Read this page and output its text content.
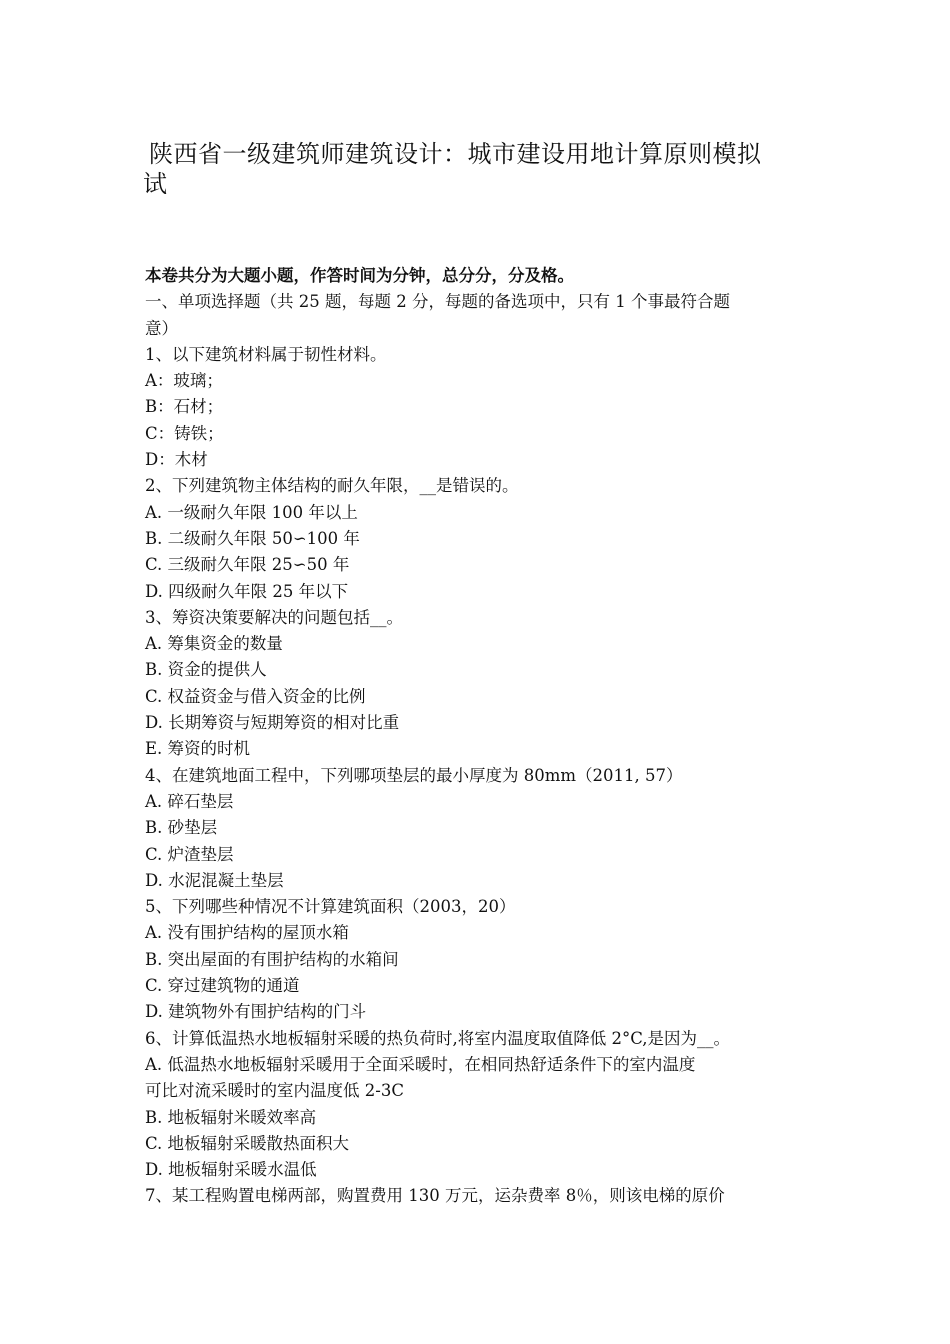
陕西省一级建筑师建筑设计：城市建设用地计算原则模拟
试
本卷共分为大题小题，作答时间为分钟，总分分，分及格。
一、单项选择题（共 25 题，每题 2 分，每题的备选项中，只有 1 个事最符合题
意）
1、以下建筑材料属于韧性材料。
A：玻璃；
B：石材；
C：铸铁；
D：木材
2、下列建筑物主体结构的耐久年限，__是错误的。
A. 一级耐久年限 100 年以上
B. 二级耐久年限 50∽100 年
C. 三级耐久年限 25∽50 年
D. 四级耐久年限 25 年以下
3、筹资决策要解决的问题包括__。
A. 筹集资金的数量
B. 资金的提供人
C. 权益资金与借入资金的比例
D. 长期筹资与短期筹资的相对比重
E. 筹资的时机
4、在建筑地面工程中，下列哪项垫层的最小厚度为 80mm（2011, 57）
A. 碎石垫层
B. 砂垫层
C. 炉渣垫层
D. 水泥混凝土垫层
5、下列哪些种情况不计算建筑面积（2003，20）
A. 没有围护结构的屋顶水箱
B. 突出屋面的有围护结构的水箱间
C. 穿过建筑物的通道
D. 建筑物外有围护结构的门斗
6、计算低温热水地板辐射采暖的热负荷时,将室内温度取值降低 2°C,是因为__。
A. 低温热水地板辐射采暖用于全面采暖时，在相同热舒适条件下的室内温度
可比对流采暖时的室内温度低 2-3C
B. 地板辐射米暖效率高
C. 地板辐射采暖散热面积大
D. 地板辐射采暖水温低
7、某工程购置电梯两部，购置费用 130 万元，运杂费率 8％，则该电梯的原价
